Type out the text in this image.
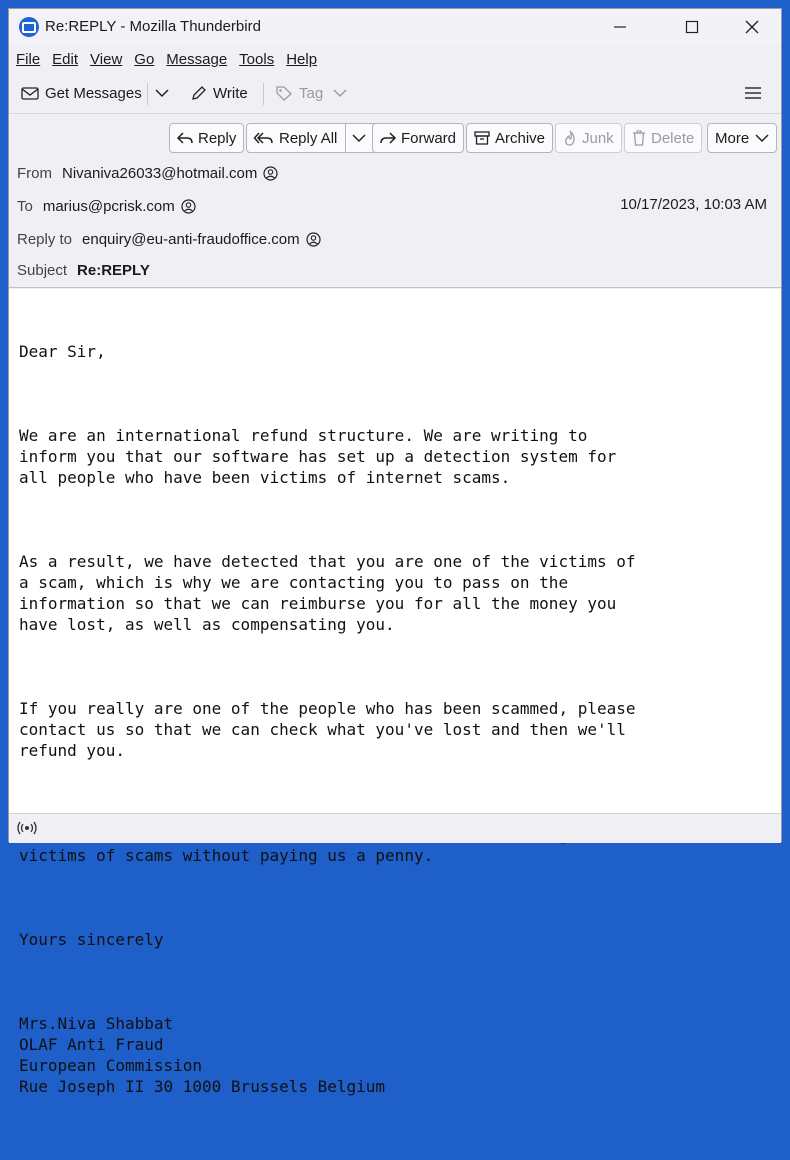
Re:REPLY - Mozilla Thunderbird
File Edit View Go Message Tools Help
Get Messages	Write	Tag
Reply	Reply All	Forward	Archive Junk Delete More
From Nivaniva26033@hotmail.com
To marius@pcrisk.com	10/17/2023, 10:03 AM
Reply to enquiry@eu-anti-fraudoffice.com
Subject Re:REPLY

Dear Sir,

We are an international refund structure. We are writing to
inform you that our software has set up a detection system for
all people who have been victims of internet scams.

As a result, we have detected that you are one of the victims of
a scam, which is why we are contacting you to pass on the
information so that we can reimburse you for all the money you
have lost, as well as compensating you.

If you really are one of the people who has been scammed, please
contact us so that we can check what you've lost and then we'll
refund you.

victims of scams without paying us a penny.

Yours sincerely

Mrs.Niva Shabbat
OLAF Anti Fraud
European Commission
Rue Joseph II 30 1000 Brussels Belgium
